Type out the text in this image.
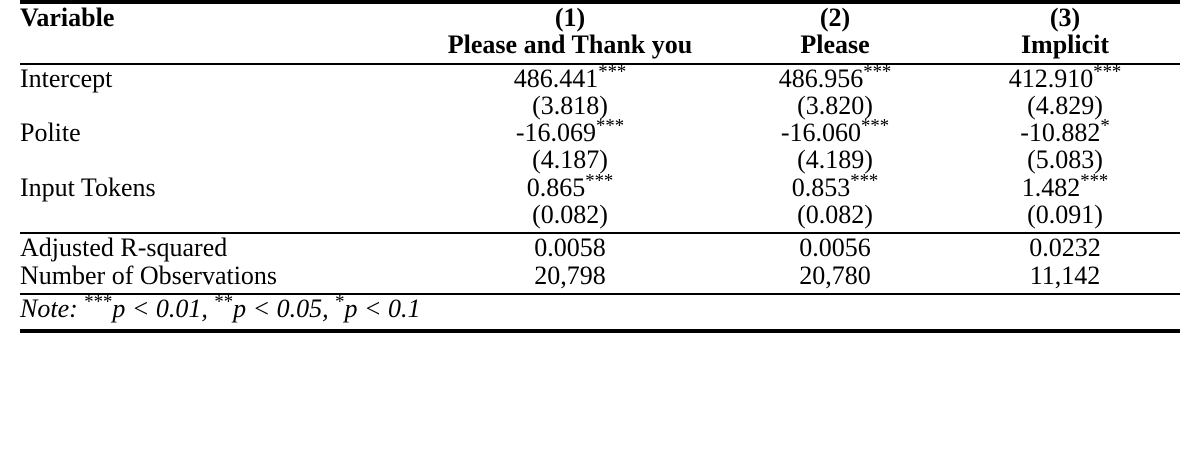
Variable	(1)	(2)	(3)
	Please and Thank you	Please	Implicit

Intercept	486.441***	486.956***	412.910***
	(3.818)	(3.820)	(4.829)
Polite	-16.069***	-16.060***	-10.882*
	(4.187)	(4.189)	(5.083)
Input Tokens	0.865***	0.853***	1.482***
	(0.082)	(0.082)	(0.091)

Adjusted R-squared	0.0058	0.0056	0.0232
Number of Observations	20,798	20,780	11,142

Note: ***p < 0.01, **p < 0.05, *p < 0.1			
